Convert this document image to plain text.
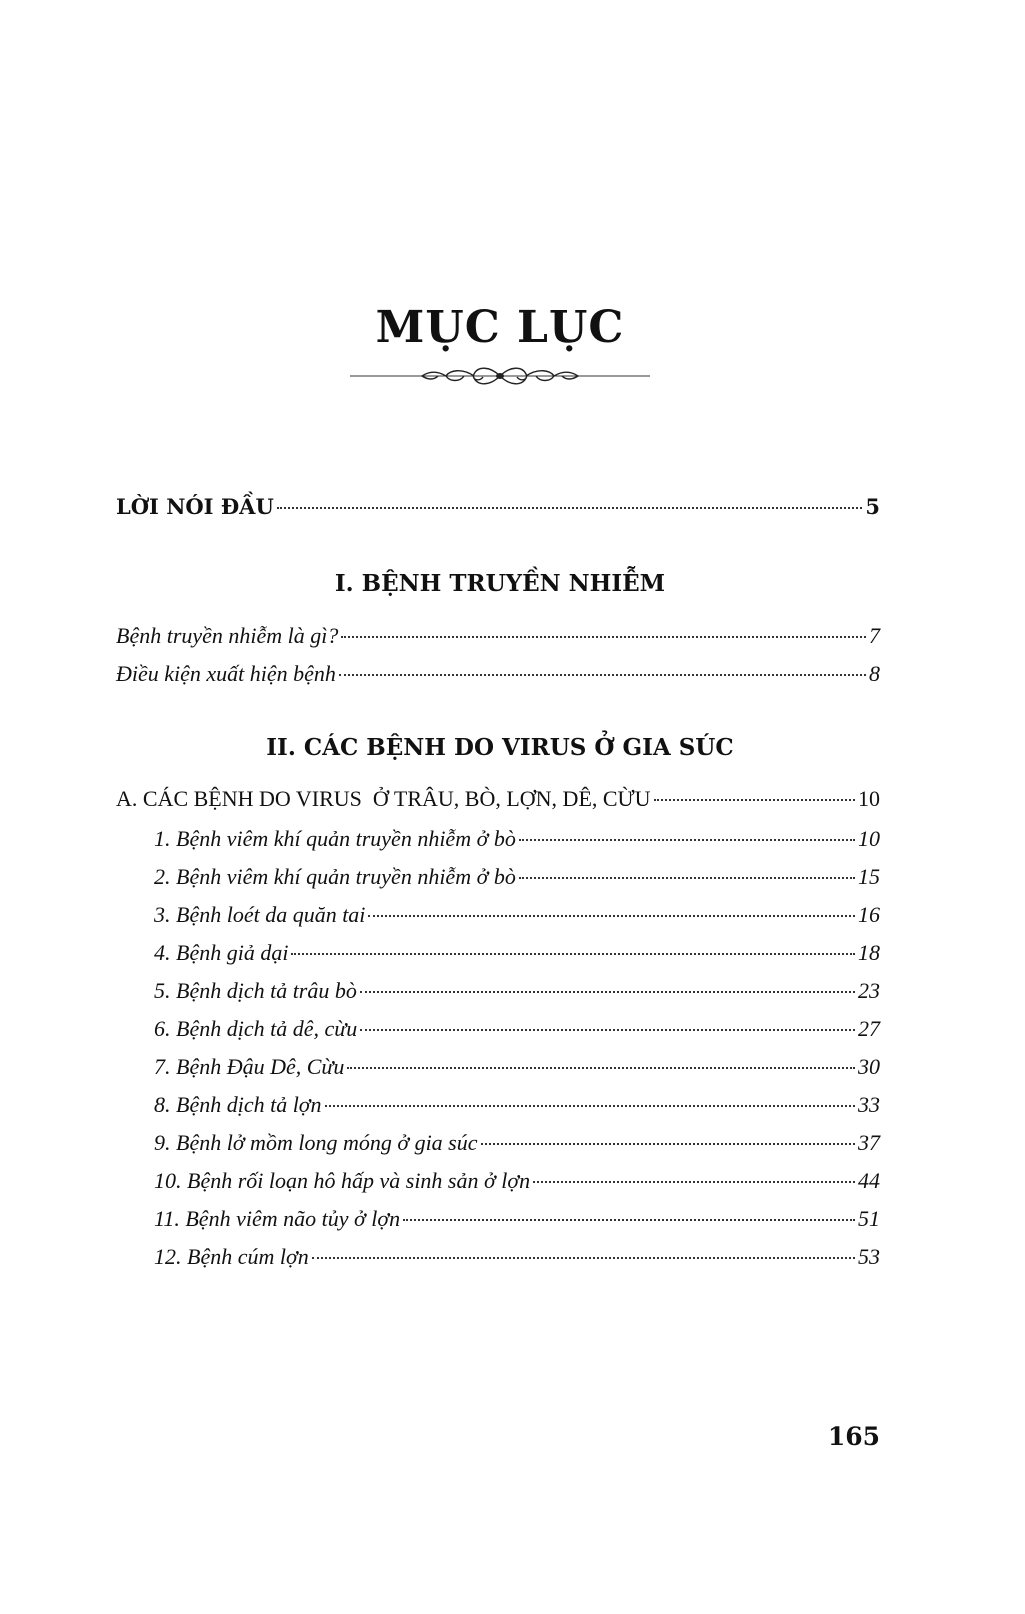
MỤC LỤC
LỜI NÓI ĐẦU	5
I. BỆNH TRUYỀN NHIỄM
Bệnh truyền nhiễm là gì?	7
Điều kiện xuất hiện bệnh	8
II. CÁC BỆNH DO VIRUS Ở GIA SÚC
A. CÁC BỆNH DO VIRUS  Ở TRÂU, BÒ, LỢN, DÊ, CỪU	10
1. Bệnh viêm khí quản truyền nhiễm ở bò	10
2. Bệnh viêm khí quản truyền nhiễm ở bò	15
3. Bệnh loét da quăn tai	16
4. Bệnh giả dại	18
5. Bệnh dịch tả trâu bò	23
6. Bệnh dịch tả dê, cừu	27
7. Bệnh Đậu Dê, Cừu	30
8. Bệnh dịch tả lợn	33
9. Bệnh lở mồm long móng ở gia súc	37
10. Bệnh rối loạn hô hấp và sinh sản ở lợn	44
11. Bệnh viêm não tủy ở lợn	51
12. Bệnh cúm lợn	53
165
